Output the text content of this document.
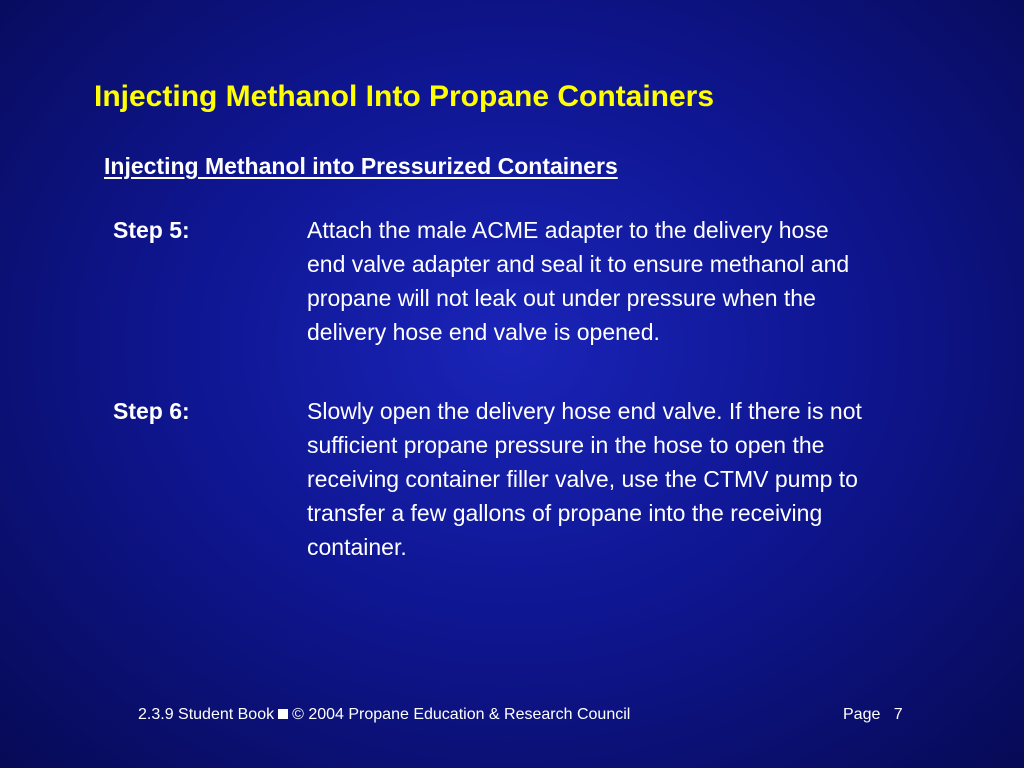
Injecting Methanol Into Propane Containers
Injecting Methanol into Pressurized Containers
Step 5:	Attach the male ACME adapter to the delivery hose end valve adapter and seal it to ensure methanol and propane will not leak out under pressure when the delivery hose end valve is opened.

Step 6:	Slowly open the delivery hose end valve. If there is not sufficient propane pressure in the hose to open the receiving container filler valve, use the CTMV pump to transfer a few gallons of propane into the receiving container.

2.3.9 Student Book © 2004 Propane Education & Research Council	Page 7
